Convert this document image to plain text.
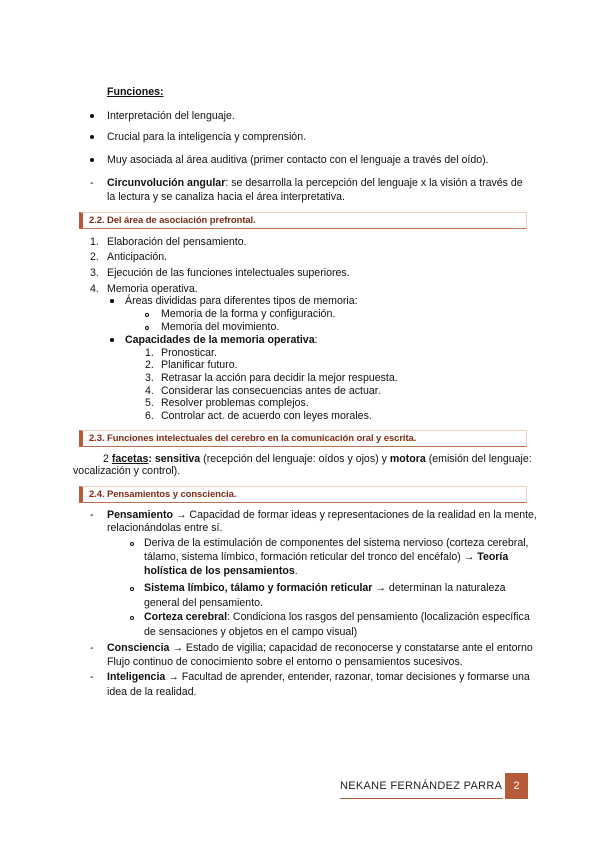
Funciones:
Interpretación del lenguaje.
Crucial para la inteligencia y comprensión.
Muy asociada al área auditiva (primer contacto con el lenguaje a través del oído).
- Circunvolución angular: se desarrolla la percepción del lenguaje x la visión a través de
la lectura y se canaliza hacia el área interpretativa.
2.2. Del área de asociación prefrontal.
1. Elaboración del pensamiento.
2. Anticipación.
3. Ejecución de las funciones intelectuales superiores.
4. Memoria operativa.
Áreas divididas para diferentes tipos de memoria:
Memoria de la forma y configuración.
Memoria del movimiento.
Capacidades de la memoria operativa:
1. Pronosticar.
2. Planificar futuro.
3. Retrasar la acción para decidir la mejor respuesta.
4. Considerar las consecuencias antes de actuar.
5. Resolver problemas complejos.
6. Controlar act. de acuerdo con leyes morales.
2.3. Funciones intelectuales del cerebro en la comunicación oral y escrita.
2 facetas: sensitiva (recepción del lenguaje: oídos y ojos) y motora (emisión del lenguaje:
vocalización y control).
2.4. Pensamientos y consciencia.
- Pensamiento → Capacidad de formar ideas y representaciones de la realidad en la mente,
relacionándolas entre sí.
Deriva de la estimulación de componentes del sistema nervioso (corteza cerebral,
tálamo, sistema límbico, formación reticular del tronco del encéfalo) → Teoría
holística de los pensamientos.
Sistema límbico, tálamo y formación reticular → determinan la naturaleza
general del pensamiento.
Corteza cerebral: Condiciona los rasgos del pensamiento (localización específica
de sensaciones y objetos en el campo visual)
- Consciencia → Estado de vigilia; capacidad de reconocerse y constatarse ante el entorno
Flujo continuo de conocimiento sobre el entorno o pensamientos sucesivos.
- Inteligencia → Facultad de aprender, entender, razonar, tomar decisiones y formarse una
idea de la realidad.
NEKANE FERNÁNDEZ PARRA	2
